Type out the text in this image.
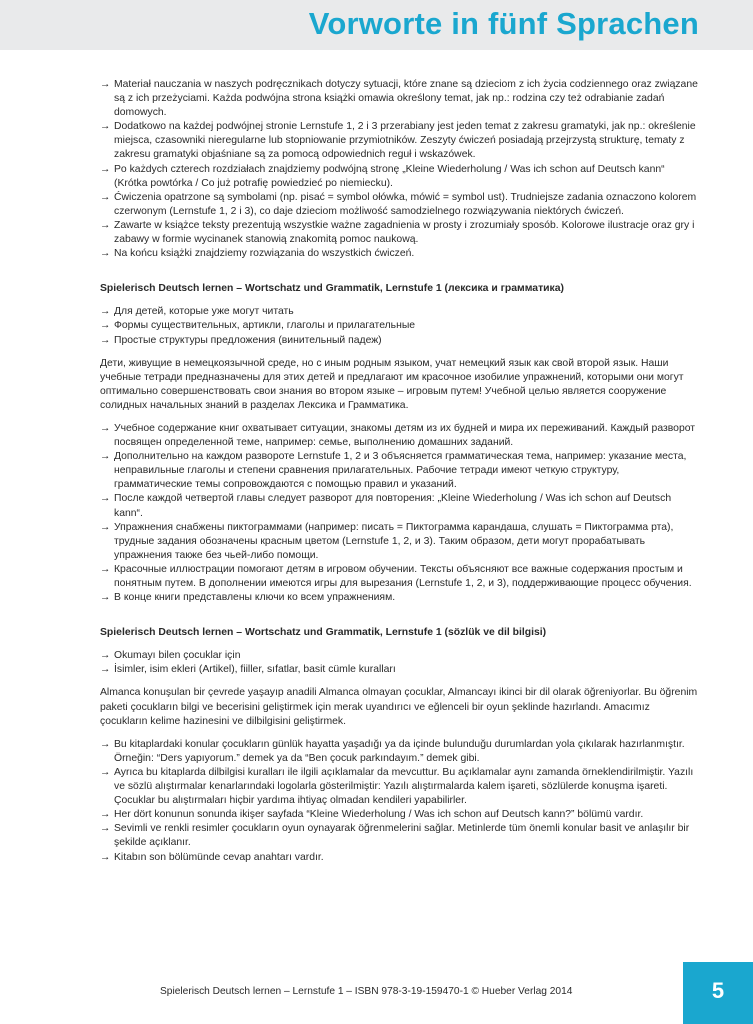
Vorworte in fünf Sprachen
→ Materiał nauczania w naszych podręcznikach dotyczy sytuacji, które znane są dzieciom z ich życia codziennego oraz związane są z ich przeżyciami. Każda podwójna strona książki omawia określony temat, jak np.: rodzina czy też odrabianie zadań domowych.
→ Dodatkowo na każdej podwójnej stronie Lernstufe 1, 2 i 3 przerabiany jest jeden temat z zakresu gramatyki, jak np.: określenie miejsca, czasowniki nieregularne lub stopniowanie przymiotników. Zeszyty ćwiczeń posiadają przejrzystą strukturę, tematy z zakresu gramatyki objaśniane są za pomocą odpowiednich reguł i wskazówek.
→ Po każdych czterech rozdziałach znajdziemy podwójną stronę „Kleine Wiederholung / Was ich schon auf Deutsch kann“ (Krótka powtórka / Co już potrafię powiedzieć po niemiecku).
→ Ćwiczenia opatrzone są symbolami (np. pisać = symbol ołówka, mówić = symbol ust). Trudniejsze zadania oznaczono kolorem czerwonym (Lernstufe 1, 2 i 3), co daje dzieciom możliwość samodzielnego rozwiązywania niektórych ćwiczeń.
→ Zawarte w książce teksty prezentują wszystkie ważne zagadnienia w prosty i zrozumiały sposób. Kolorowe ilustracje oraz gry i zabawy w formie wycinanek stanowią znakomitą pomoc naukową.
→ Na końcu książki znajdziemy rozwiązania do wszystkich ćwiczeń.
Spielerisch Deutsch lernen – Wortschatz und Grammatik, Lernstufe 1 (лексика и грамматика)
→ Для детей, которые уже могут читать
→ Формы существительных, артикли, глаголы и прилагательные
→ Простые структуры предложения (винительный падеж)

Дети, живущие в немецкоязычной среде, но с иным родным языком, учат немецкий язык как свой второй язык. Наши учебные тетради предназначены для этих детей и предлагают им красочное изобилие упражнений, которыми они могут оптимально совершенствовать свои знания во втором языке – игровым путем! Учебной целью является сооружение солидных начальных знаний в разделах Лексика и Грамматика.

→ Учебное содержание книг охватывает ситуации, знакомы детям из их будней и мира их переживаний. Каждый разворот посвящен определенной теме, например: семье, выполнению домашних заданий.
→ Дополнительно на каждом развороте Lernstufe 1, 2 и 3 объясняется грамматическая тема, например: указание места, неправильные глаголы и степени сравнения прилагательных. Рабочие тетради имеют четкую структуру, грамматические темы сопровождаются с помощью правил и указаний.
→ После каждой четвертой главы следует разворот для повторения: „Kleine Wiederholung / Was ich schon auf Deutsch kann“.
→ Упражнения снабжены пиктограммами (например: писать = Пиктограмма карандаша, слушать = Пиктограмма рта), трудные задания обозначены красным цветом (Lernstufe 1, 2, и 3). Таким образом, дети могут прорабатывать упражнения также без чьей-либо помощи.
→ Красочные иллюстрации помогают детям в игровом обучении. Тексты объясняют все важные содержания простым и понятным путем. В дополнении имеются игры для вырезания (Lernstufe 1, 2, и 3), поддерживающие процесс обучения.
→ В конце книги представлены ключи ко всем упражнениям.
Spielerisch Deutsch lernen – Wortschatz und Grammatik, Lernstufe 1 (sözlük ve dil bilgisi)
→ Okumayı bilen çocuklar için
→ İsimler, isim ekleri (Artikel), fiiller, sıfatlar, basit cümle kuralları

Almanca konuşulan bir çevrede yaşayıp anadili Almanca olmayan çocuklar, Almancayı ikinci bir dil olarak öğreniyorlar. Bu öğrenim paketi çocukların bilgi ve becerisini geliştirmek için merak uyandırıcı ve eğlenceli bir oyun şeklinde hazırlandı. Amacımız çocukların kelime hazinesini ve dilbilgisini geliştirmek.

→ Bu kitaplardaki konular çocukların günlük hayatta yaşadığı ya da içinde bulunduğu durumlardan yola çıkılarak hazırlanmıştır. Örneğin: “Ders yapıyorum.” demek ya da “Ben çocuk parkındayım.” demek gibi.
→ Ayrıca bu kitaplarda dilbilgisi kuralları ile ilgili açıklamalar da mevcuttur. Bu açıklamalar aynı zamanda örneklendirilmiştir. Yazılı ve sözlü alıştırmalar kenarlarındaki logolarla gösterilmiştir: Yazılı alıştırmalarda kalem işareti, sözlülerde konuşma işareti. Çocuklar bu alıştırmaları hiçbir yardıma ihtiyaç olmadan kendileri yapabilirler.
→ Her dört konunun sonunda ikişer sayfada “Kleine Wiederholung / Was ich schon auf Deutsch kann?” bölümü vardır.
→ Sevimli ve renkli resimler çocukların oyun oynayarak öğrenmelerini sağlar. Metinlerde tüm önemli konular basit ve anlaşılır bir şekilde açıklanır.
→ Kitabın son bölümünde cevap anahtarı vardır.
Spielerisch Deutsch lernen – Lernstufe 1 – ISBN 978-3-19-159470-1 © Hueber Verlag 2014	5
